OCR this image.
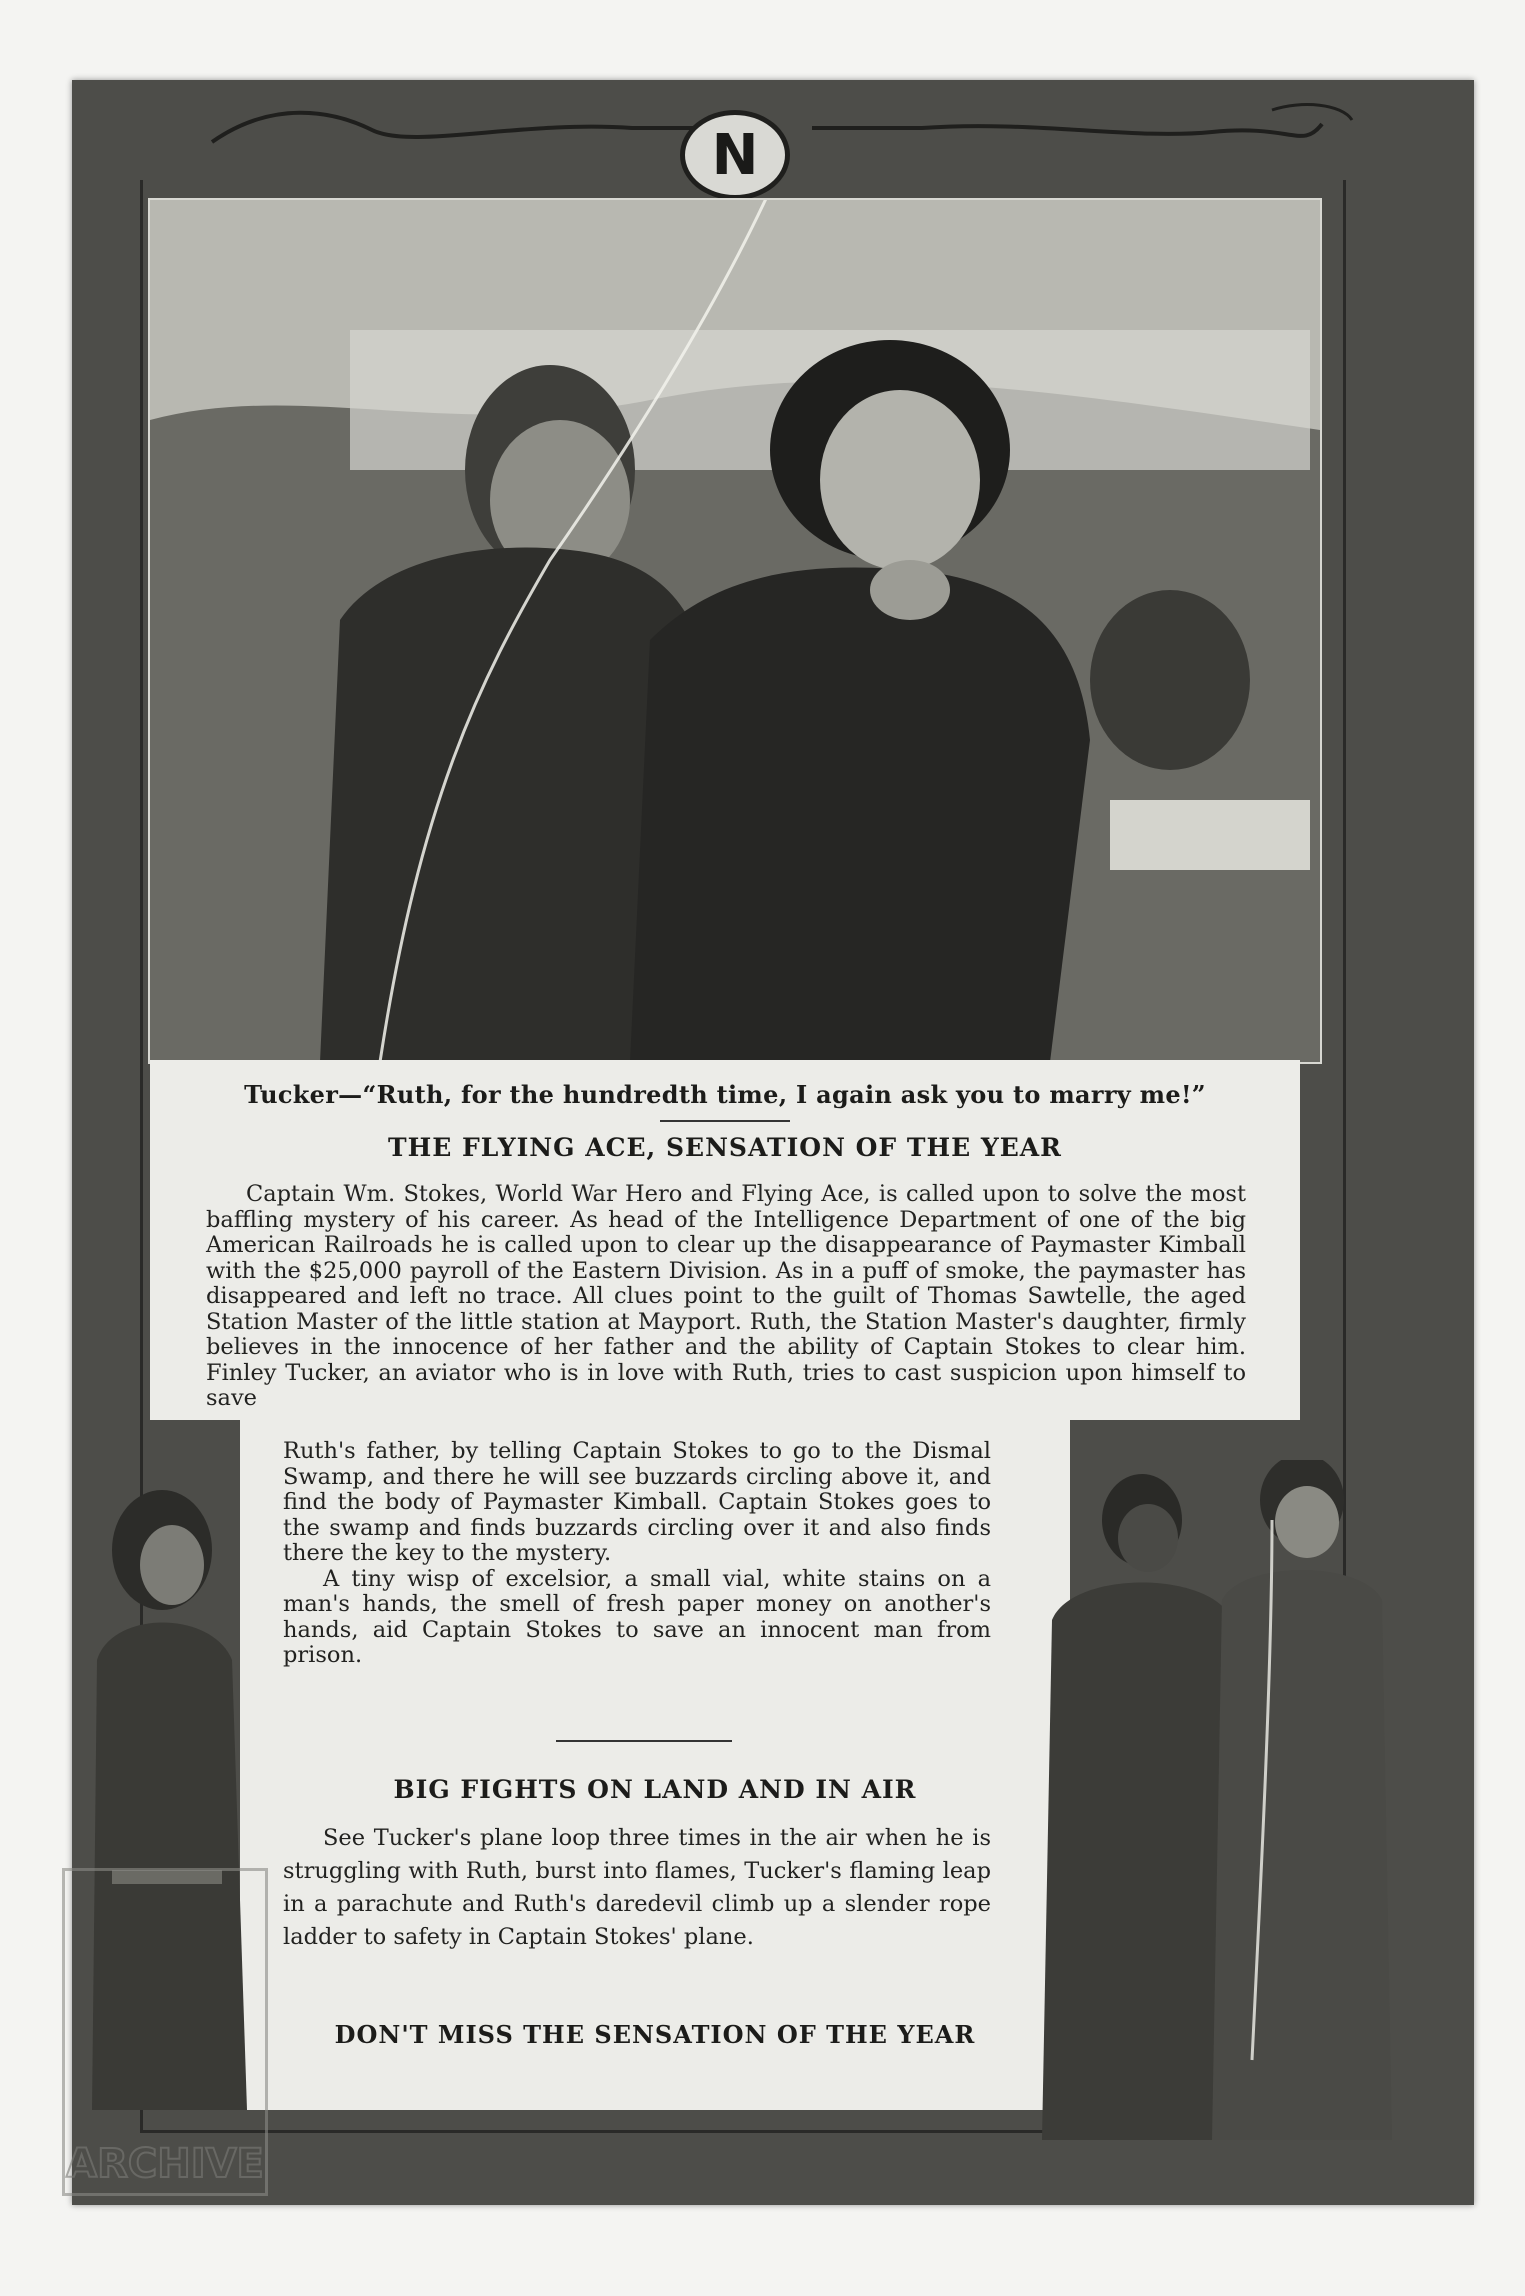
N
Tucker—“Ruth, for the hundredth time, I again ask you to marry me!”
THE FLYING ACE, SENSATION OF THE YEAR

Captain Wm. Stokes, World War Hero and Flying Ace, is called upon to solve the most baffling mystery of his career. As head of the Intelligence Department of one of the big American Railroads he is called upon to clear up the disappearance of Paymaster Kimball with the $25,000 payroll of the Eastern Division. As in a puff of smoke, the paymaster has disappeared and left no trace. All clues point to the guilt of Thomas Sawtelle, the aged Station Master of the little station at Mayport. Ruth, the Station Master's daughter, firmly believes in the innocence of her father and the ability of Captain Stokes to clear him. Finley Tucker, an aviator who is in love with Ruth, tries to cast suspicion upon himself to save

Ruth's father, by telling Captain Stokes to go to the Dismal Swamp, and there he will see buzzards circling above it, and find the body of Paymaster Kimball. Captain Stokes goes to the swamp and finds buzzards circling over it and also finds there the key to the mystery.

A tiny wisp of excelsior, a small vial, white stains on a man's hands, the smell of fresh paper money on another's hands, aid Captain Stokes to save an innocent man from prison.

BIG FIGHTS ON LAND AND IN AIR

See Tucker's plane loop three times in the air when he is struggling with Ruth, burst into flames, Tucker's flaming leap in a parachute and Ruth's daredevil climb up a slender rope ladder to safety in Captain Stokes' plane.

DON'T MISS THE SENSATION OF THE YEAR
ARCHIVE
